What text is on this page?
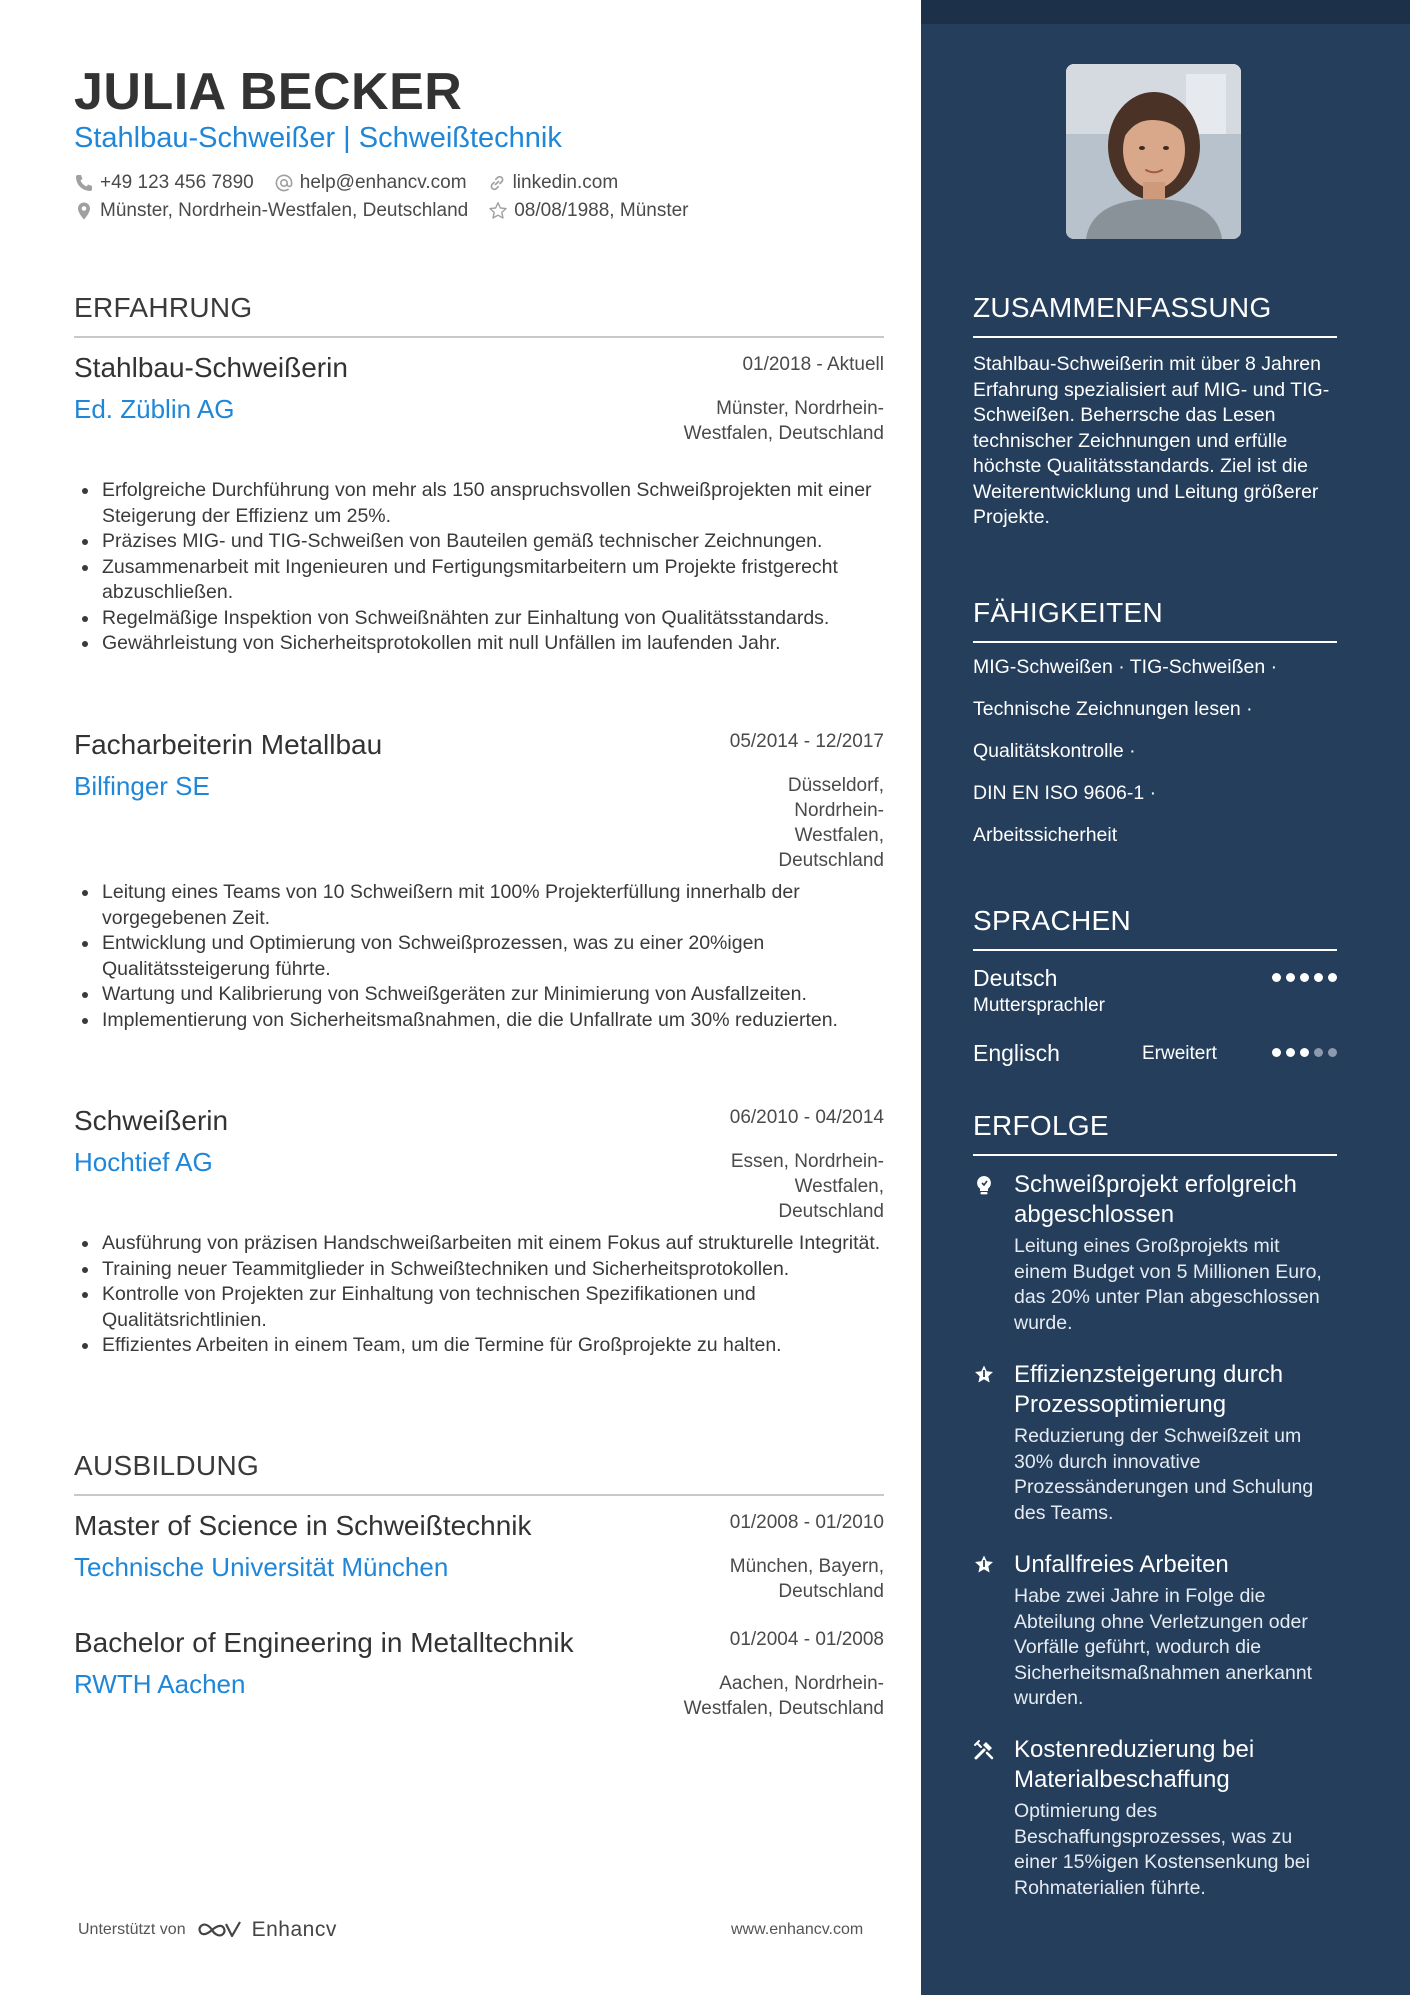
JULIA BECKER
Stahlbau-Schweißer | Schweißtechnik
+49 123 456 7890 help@enhancv.com linkedin.com
Münster, Nordrhein-Westfalen, Deutschland 08/08/1988, Münster
ERFAHRUNG
Stahlbau-Schweißerin	01/2018 - Aktuell
Ed. Züblin AG	Münster, Nordrhein-Westfalen, Deutschland
Erfolgreiche Durchführung von mehr als 150 anspruchsvollen Schweißprojekten mit einer Steigerung der Effizienz um 25%.
Präzises MIG- und TIG-Schweißen von Bauteilen gemäß technischer Zeichnungen.
Zusammenarbeit mit Ingenieuren und Fertigungsmitarbeitern um Projekte fristgerecht abzuschließen.
Regelmäßige Inspektion von Schweißnähten zur Einhaltung von Qualitätsstandards.
Gewährleistung von Sicherheitsprotokollen mit null Unfällen im laufenden Jahr.
Facharbeiterin Metallbau	05/2014 - 12/2017
Bilfinger SE	Düsseldorf, Nordrhein-Westfalen, Deutschland
Leitung eines Teams von 10 Schweißern mit 100% Projekterfüllung innerhalb der vorgegebenen Zeit.
Entwicklung und Optimierung von Schweißprozessen, was zu einer 20%igen Qualitätssteigerung führte.
Wartung und Kalibrierung von Schweißgeräten zur Minimierung von Ausfallzeiten.
Implementierung von Sicherheitsmaßnahmen, die die Unfallrate um 30% reduzierten.
Schweißerin	06/2010 - 04/2014
Hochtief AG	Essen, Nordrhein-Westfalen, Deutschland
Ausführung von präzisen Handschweißarbeiten mit einem Fokus auf strukturelle Integrität.
Training neuer Teammitglieder in Schweißtechniken und Sicherheitsprotokollen.
Kontrolle von Projekten zur Einhaltung von technischen Spezifikationen und Qualitätsrichtlinien.
Effizientes Arbeiten in einem Team, um die Termine für Großprojekte zu halten.
AUSBILDUNG
Master of Science in Schweißtechnik	01/2008 - 01/2010
Technische Universität München	München, Bayern, Deutschland
Bachelor of Engineering in Metalltechnik	01/2004 - 01/2008
RWTH Aachen	Aachen, Nordrhein-Westfalen, Deutschland
Unterstützt von	Enhancv	www.enhancv.com
ZUSAMMENFASSUNG
Stahlbau-Schweißerin mit über 8 Jahren Erfahrung spezialisiert auf MIG- und TIG-Schweißen. Beherrsche das Lesen technischer Zeichnungen und erfülle höchste Qualitätsstandards. Ziel ist die Weiterentwicklung und Leitung größerer Projekte.
FÄHIGKEITEN
MIG-Schweißen · TIG-Schweißen ·
Technische Zeichnungen lesen ·
Qualitätskontrolle ·
DIN EN ISO 9606-1 ·
Arbeitssicherheit
SPRACHEN
Deutsch
Muttersprachler
Englisch	Erweitert
ERFOLGE
Schweißprojekt erfolgreich abgeschlossen
Leitung eines Großprojekts mit einem Budget von 5 Millionen Euro, das 20% unter Plan abgeschlossen wurde.
Effizienzsteigerung durch Prozessoptimierung
Reduzierung der Schweißzeit um 30% durch innovative Prozessänderungen und Schulung des Teams.
Unfallfreies Arbeiten
Habe zwei Jahre in Folge die Abteilung ohne Verletzungen oder Vorfälle geführt, wodurch die Sicherheitsmaßnahmen anerkannt wurden.
Kostenreduzierung bei Materialbeschaffung
Optimierung des Beschaffungsprozesses, was zu einer 15%igen Kostensenkung bei Rohmaterialien führte.
